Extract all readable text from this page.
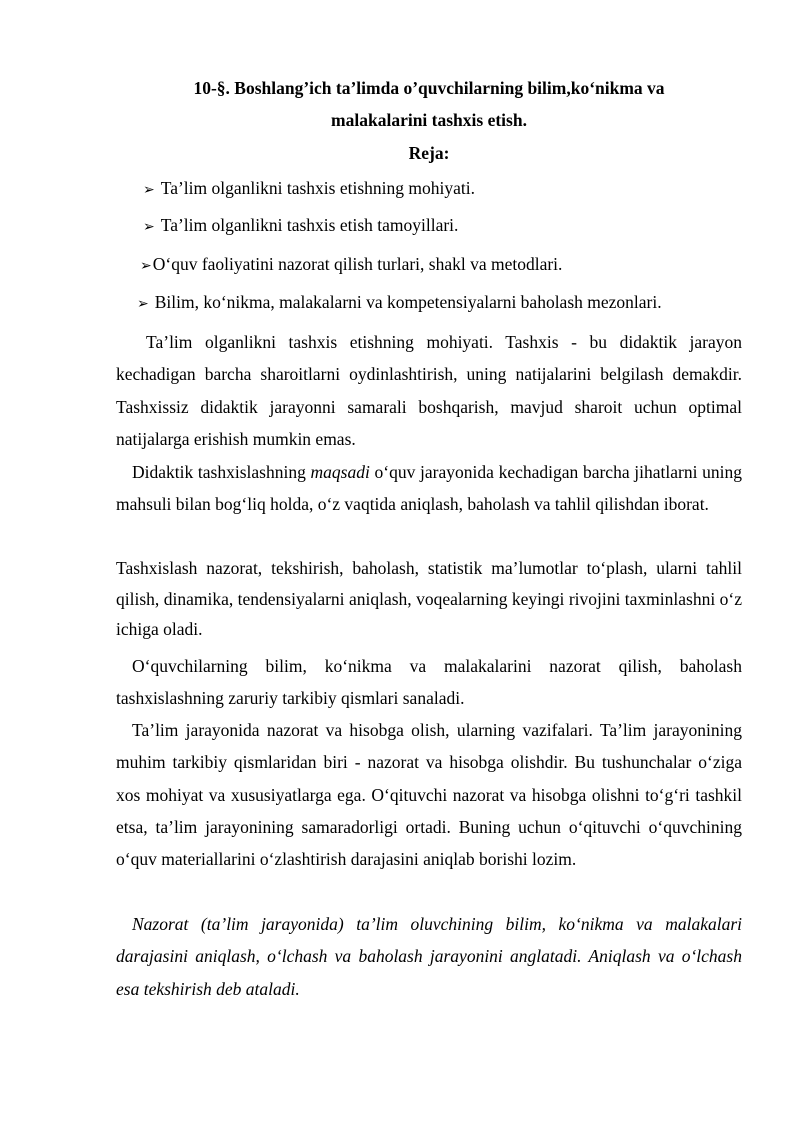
10-§. Boshlang’ich ta’limda o’quvchilarning bilim,ko‘nikma va

malakalarini tashxis etish.

Reja:

➢ Ta’lim olganlikni tashxis etishning mohiyati.

➢ Ta’lim olganlikni tashxis etish tamoyillari.

➢O‘quv faoliyatini nazorat qilish turlari, shakl va metodlari.

➢ Bilim, ko‘nikma, malakalarni va kompetensiyalarni baholash mezonlari.

Ta’lim olganlikni tashxis etishning mohiyati. Tashxis - bu didaktik jarayon kechadigan barcha sharoitlarni oydinlashtirish, uning natijalarini belgilash demakdir. Tashxissiz didaktik jarayonni samarali boshqarish, mavjud sharoit uchun optimal natijalarga erishish mumkin emas.

Didaktik tashxislashning maqsadi o‘quv jarayonida kechadigan barcha jihatlarni uning mahsuli bilan bog‘liq holda, o‘z vaqtida aniqlash, baholash va tahlil qilishdan iborat.

Tashxislash nazorat, tekshirish, baholash, statistik ma’lumotlar to‘plash, ularni tahlil qilish, dinamika, tendensiyalarni aniqlash, voqealarning keyingi rivojini taxminlashni o‘z ichiga oladi.

O‘quvchilarning bilim, ko‘nikma va malakalarini nazorat qilish, baholash tashxislashning zaruriy tarkibiy qismlari sanaladi.

Ta’lim jarayonida nazorat va hisobga olish, ularning vazifalari. Ta’lim jarayonining muhim tarkibiy qismlaridan biri - nazorat va hisobga olishdir. Bu tushunchalar o‘ziga xos mohiyat va xususiyatlarga ega. O‘qituvchi nazorat va hisobga olishni to‘g‘ri tashkil etsa, ta’lim jarayonining samaradorligi ortadi. Buning uchun o‘qituvchi o‘quvchining o‘quv materiallarini o‘zlashtirish darajasini aniqlab borishi lozim.

Nazorat (ta’lim jarayonida) ta’lim oluvchining bilim, ko‘nikma va malakalari darajasini aniqlash, o‘lchash va baholash jarayonini anglatadi. Aniqlash va o‘lchash esa tekshirish deb ataladi.
